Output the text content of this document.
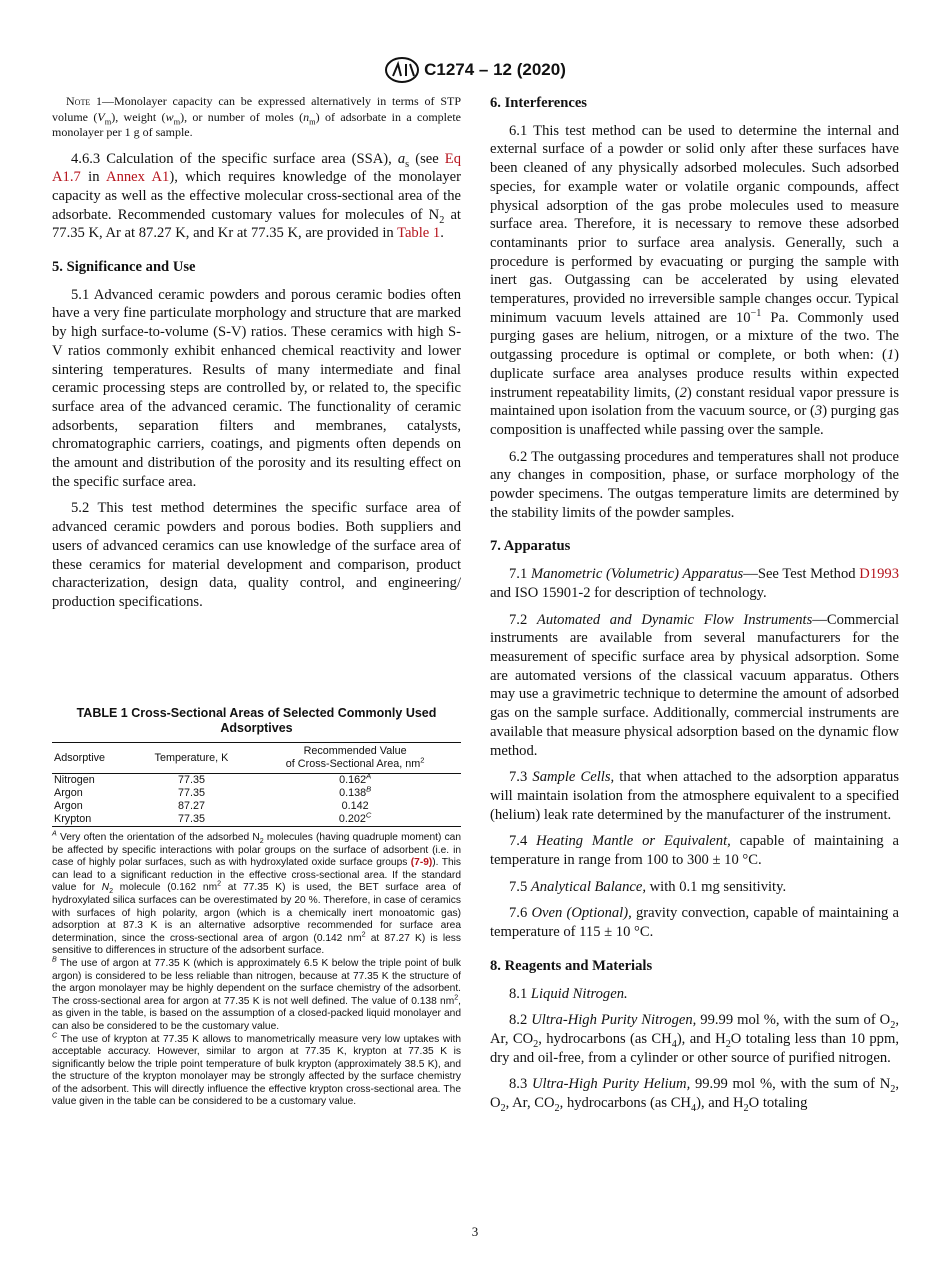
C1274 – 12 (2020)

Note 1—Monolayer capacity can be expressed alternatively in terms of STP volume $(V_m)$, weight $(w_m)$, or number of moles $(n_m)$ of adsorbate in a complete monolayer per 1 g of sample.

4.6.3 Calculation of the specific surface area (SSA), $a_s$ (see Eq A1.7 in Annex A1), which requires knowledge of the monolayer capacity as well as the effective molecular cross-sectional area of the adsorbate. Recommended customary values for molecules of $N_2$ at 77.35 K, Ar at 87.27 K, and Kr at 77.35 K, are provided in Table 1.

5. Significance and Use

5.1 Advanced ceramic powders and porous ceramic bodies often have a very fine particulate morphology and structure that are marked by high surface-to-volume (S-V) ratios. These ceramics with high S-V ratios commonly exhibit enhanced chemical reactivity and lower sintering temperatures. Results of many intermediate and final ceramic processing steps are controlled by, or related to, the specific surface area of the advanced ceramic. The functionality of ceramic adsorbents, separation filters and membranes, catalysts, chromatographic carriers, coatings, and pigments often depends on the amount and distribution of the porosity and its resulting effect on the specific surface area.

5.2 This test method determines the specific surface area of advanced ceramic powders and porous bodies. Both suppliers and users of advanced ceramics can use knowledge of the surface area of these ceramics for material development and comparison, product characterization, design data, quality control, and engineering/ production specifications.

TABLE 1 Cross-Sectional Areas of Selected Commonly Used Adsorptives
Adsorptive	Temperature, K	Recommended Value
of Cross-Sectional Area, $nm^2$
Nitrogen	77.35	$0.162^A$
Argon	77.35	$0.138^B$
Argon	87.27	0.142
Krypton	77.35	$0.202^C$

$^A$ Very often the orientation of the adsorbed $N_2$ molecules (having quadruple moment) can be affected by specific interactions with polar groups on the surface of adsorbent (i.e. in case of highly polar surfaces, such as with hydroxylated oxide surface groups (7-9)). This can lead to a significant reduction in the effective cross-sectional area. If the standard value for $N_2$ molecule (0.162 $nm^2$ at 77.35 K) is used, the BET surface area of hydroxylated silica surfaces can be overestimated by 20 %. Therefore, in case of ceramics with surfaces of high polarity, argon (which is a chemically inert monoatomic gas) adsorption at 87.3 K is an alternative adsorptive recommended for surface area determination, since the cross-sectional area of argon (0.142 $nm^2$ at 87.27 K) is less sensitive to differences in structure of the adsorbent surface.

$^B$ The use of argon at 77.35 K (which is approximately 6.5 K below the triple point of bulk argon) is considered to be less reliable than nitrogen, because at 77.35 K the structure of the argon monolayer may be highly dependent on the surface chemistry of the adsorbent. The cross-sectional area for argon at 77.35 K is not well defined. The value of 0.138 $nm^2$, as given in the table, is based on the assumption of a closed-packed liquid monolayer and can also be considered to be the customary value.

$^C$ The use of krypton at 77.35 K allows to manometrically measure very low uptakes with acceptable accuracy. However, similar to argon at 77.35 K, krypton at 77.35 K is significantly below the triple point temperature of bulk krypton (approximately 38.5 K), and the structure of the krypton monolayer may be strongly affected by the surface chemistry of the adsorbent. This will directly influence the effective krypton cross-sectional area. The value given in the table can be considered to be a customary value.

6. Interferences

6.1 This test method can be used to determine the internal and external surface of a powder or solid only after these surfaces have been cleaned of any physically adsorbed molecules. Such adsorbed species, for example water or volatile organic compounds, affect physical adsorption of the gas probe molecules used to measure surface area. Therefore, it is necessary to remove these adsorbed contaminants prior to surface area analysis. Generally, such a procedure is performed by evacuating or purging the sample with inert gas. Outgassing can be accelerated by using elevated temperatures, provided no irreversible sample changes occur. Typical minimum vacuum levels attained are $10^{-1}$ Pa. Commonly used purging gases are helium, nitrogen, or a mixture of the two. The outgassing procedure is optimal or complete, or both when: (1) duplicate surface area analyses produce results within expected instrument repeatability limits, (2) constant residual vapor pressure is maintained upon isolation from the vacuum source, or (3) purging gas composition is unaffected while passing over the sample.

6.2 The outgassing procedures and temperatures shall not produce any changes in composition, phase, or surface morphology of the powder specimens. The outgas temperature limits are determined by the stability limits of the powder samples.

7. Apparatus

7.1 Manometric (Volumetric) Apparatus—See Test Method D1993 and ISO 15901-2 for description of technology.

7.2 Automated and Dynamic Flow Instruments—Commercial instruments are available from several manufacturers for the measurement of specific surface area by physical adsorption. Some are automated versions of the classical vacuum apparatus. Others may use a gravimetric technique to determine the amount of adsorbed gas on the sample surface. Additionally, commercial instruments are available that measure physical adsorption based on the dynamic flow method.

7.3 Sample Cells, that when attached to the adsorption apparatus will maintain isolation from the atmosphere equivalent to a specified (helium) leak rate determined by the manufacturer of the instrument.

7.4 Heating Mantle or Equivalent, capable of maintaining a temperature in range from 100 to 300 ± 10 °C.

7.5 Analytical Balance, with 0.1 mg sensitivity.

7.6 Oven (Optional), gravity convection, capable of maintaining a temperature of 115 ± 10 °C.

8. Reagents and Materials

8.1 Liquid Nitrogen.

8.2 Ultra-High Purity Nitrogen, 99.99 mol %, with the sum of $O_2$, Ar, $CO_2$, hydrocarbons (as $CH_4$), and $H_2O$ totaling less than 10 ppm, dry and oil-free, from a cylinder or other source of purified nitrogen.

8.3 Ultra-High Purity Helium, 99.99 mol %, with the sum of $N_2$, $O_2$, Ar, $CO_2$, hydrocarbons (as $CH_4$), and $H_2O$ totaling

3
